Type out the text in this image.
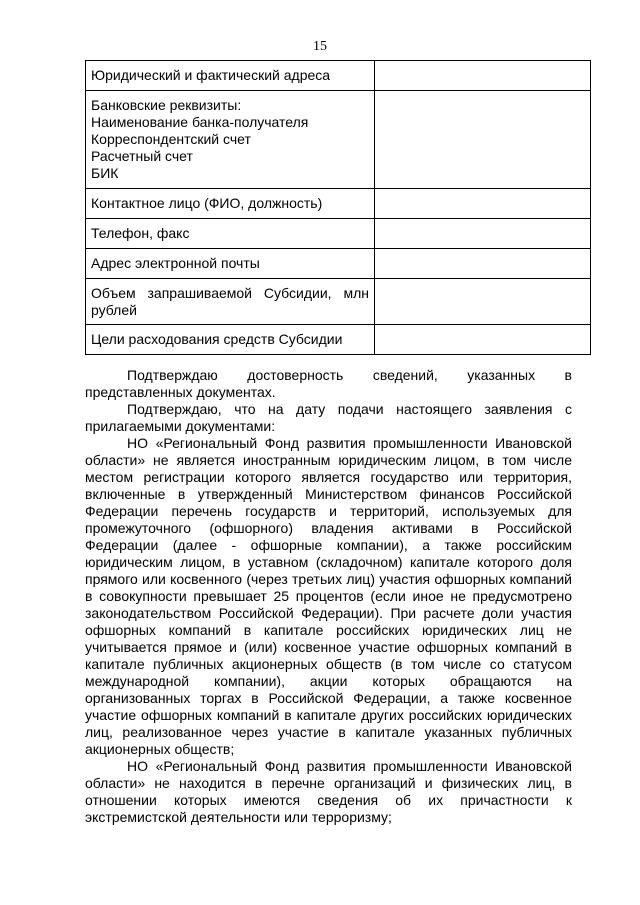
15
Юридический и фактический адреса	

Банковские реквизиты:
Наименование банка-получателя
Корреспондентский счет
Расчетный счет
БИК	

Контактное лицо (ФИО, должность)	

Телефон, факс	

Адрес электронной почты	

Объем запрашиваемой Субсидии, млн рублей	

Цели расходования средств Субсидии	

Подтверждаю достоверность сведений, указанных в представленных документах.

Подтверждаю, что на дату подачи настоящего заявления с прилагаемыми документами:

НО «Региональный Фонд развития промышленности Ивановской области» не является иностранным юридическим лицом, в том числе местом регистрации которого является государство или территория, включенные в утвержденный Министерством финансов Российской Федерации перечень государств и территорий, используемых для промежуточного (офшорного) владения активами в Российской Федерации (далее - офшорные компании), а также российским юридическим лицом, в уставном (складочном) капитале которого доля прямого или косвенного (через третьих лиц) участия офшорных компаний в совокупности превышает 25 процентов (если иное не предусмотрено законодательством Российской Федерации). При расчете доли участия офшорных компаний в капитале российских юридических лиц не учитывается прямое и (или) косвенное участие офшорных компаний в капитале публичных акционерных обществ (в том числе со статусом международной компании), акции которых обращаются на организованных торгах в Российской Федерации, а также косвенное участие офшорных компаний в капитале других российских юридических лиц, реализованное через участие в капитале указанных публичных акционерных обществ;

НО «Региональный Фонд развития промышленности Ивановской области» не находится в перечне организаций и физических лиц, в отношении которых имеются сведения об их причастности к экстремистской деятельности или терроризму;
